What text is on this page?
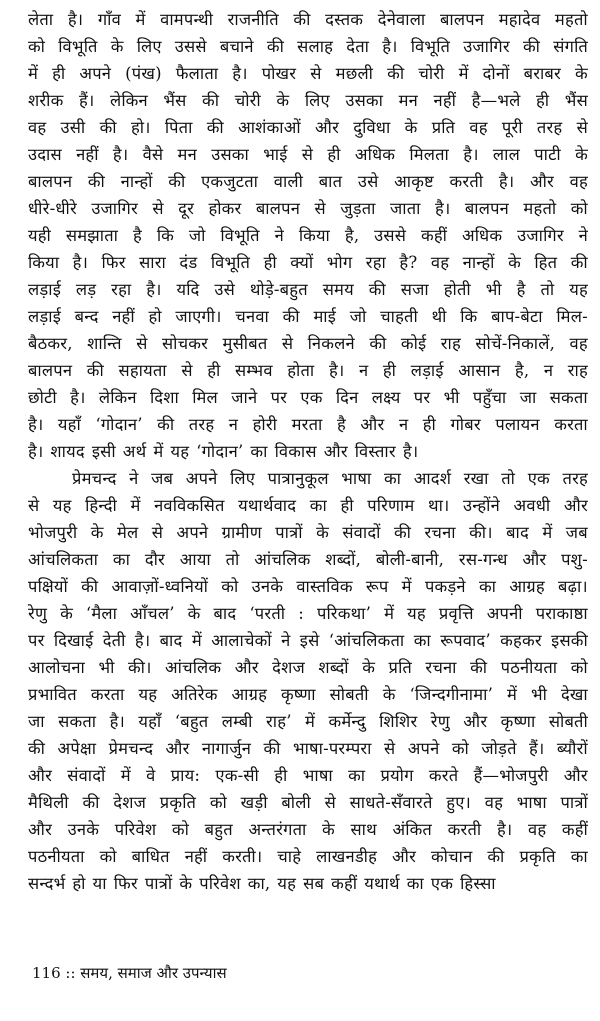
लेता है। गाँव में वामपन्थी राजनीति की दस्तक देनेवाला बालपन महादेव महतो
को विभूति के लिए उससे बचाने की सलाह देता है। विभूति उजागिर की संगति
में ही अपने (पंख) फैलाता है। पोखर से मछली की चोरी में दोनों बराबर के
शरीक हैं। लेकिन भैंस की चोरी के लिए उसका मन नहीं है—भले ही भैंस
वह उसी की हो। पिता की आशंकाओं और दुविधा के प्रति वह पूरी तरह से
उदास नहीं है। वैसे मन उसका भाई से ही अधिक मिलता है। लाल पाटी के
बालपन की नान्हों की एकजुटता वाली बात उसे आकृष्ट करती है। और वह
धीरे-धीरे उजागिर से दूर होकर बालपन से जुड़ता जाता है। बालपन महतो को
यही समझाता है कि जो विभूति ने किया है, उससे कहीं अधिक उजागिर ने
किया है। फिर सारा दंड विभूति ही क्यों भोग रहा है? वह नान्हों के हित की
लड़ाई लड़ रहा है। यदि उसे थोड़े-बहुत समय की सजा होती भी है तो यह
लड़ाई बन्द नहीं हो जाएगी। चनवा की माई जो चाहती थी कि बाप-बेटा मिल-
बैठकर, शान्ति से सोचकर मुसीबत से निकलने की कोई राह सोचें-निकालें, वह
बालपन की सहायता से ही सम्भव होता है। न ही लड़ाई आसान है, न राह
छोटी है। लेकिन दिशा मिल जाने पर एक दिन लक्ष्य पर भी पहुँचा जा सकता
है। यहाँ ‘गोदान’ की तरह न होरी मरता है और न ही गोबर पलायन करता
है। शायद इसी अर्थ में यह ‘गोदान’ का विकास और विस्तार है।
प्रेमचन्द ने जब अपने लिए पात्रानुकूल भाषा का आदर्श रखा तो एक तरह
से यह हिन्दी में नवविकसित यथार्थवाद का ही परिणाम था। उन्होंने अवधी और
भोजपुरी के मेल से अपने ग्रामीण पात्रों के संवादों की रचना की। बाद में जब
आंचलिकता का दौर आया तो आंचलिक शब्दों, बोली-बानी, रस-गन्ध और पशु-
पक्षियों की आवाज़ों-ध्वनियों को उनके वास्तविक रूप में पकड़ने का आग्रह बढ़ा।
रेणु के ‘मैला आँचल’ के बाद ‘परती : परिकथा’ में यह प्रवृत्ति अपनी पराकाष्ठा
पर दिखाई देती है। बाद में आलाचेकों ने इसे ‘आंचलिकता का रूपवाद’ कहकर इसकी
आलोचना भी की। आंचलिक और देशज शब्दों के प्रति रचना की पठनीयता को
प्रभावित करता यह अतिरेक आग्रह कृष्णा सोबती के ‘जिन्दगीनामा’ में भी देखा
जा सकता है। यहाँ ‘बहुत लम्बी राह’ में कर्मेन्दु शिशिर रेणु और कृष्णा सोबती
की अपेक्षा प्रेमचन्द और नागार्जुन की भाषा-परम्परा से अपने को जोड़ते हैं। ब्यौरों
और संवादों में वे प्राय: एक-सी ही भाषा का प्रयोग करते हैं—भोजपुरी और
मैथिली की देशज प्रकृति को खड़ी बोली से साधते-सँवारते हुए। वह भाषा पात्रों
और उनके परिवेश को बहुत अन्तरंगता के साथ अंकित करती है। वह कहीं
पठनीयता को बाधित नहीं करती। चाहे लाखनडीह और कोचान की प्रकृति का
सन्दर्भ हो या फिर पात्रों के परिवेश का, यह सब कहीं यथार्थ का एक हिस्सा
116 :: समय, समाज और उपन्यास
